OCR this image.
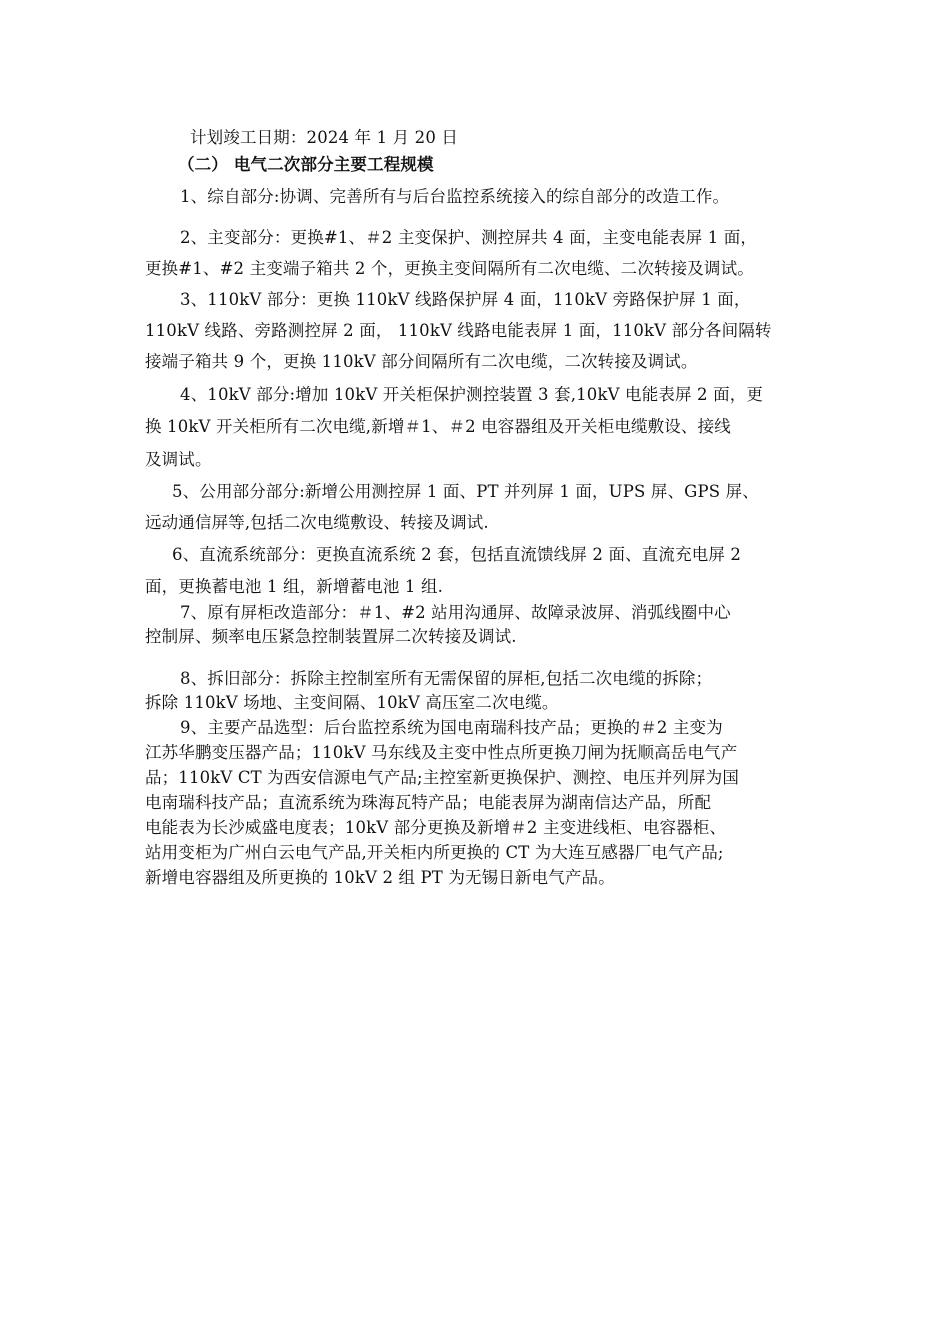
计划竣工日期：2024 年 1 月 20 日
（二） 电气二次部分主要工程规模
1、综自部分:协调、完善所有与后台监控系统接入的综自部分的改造工作。
2、主变部分：更换#1、＃2 主变保护、测控屏共 4 面，主变电能表屏 1 面，
更换#1、#2 主变端子箱共 2 个，更换主变间隔所有二次电缆、二次转接及调试。
3、110kV 部分：更换 110kV 线路保护屏 4 面，110kV 旁路保护屏 1 面，
110kV 线路、旁路测控屏 2 面， 110kV 线路电能表屏 1 面，110kV 部分各间隔转
接端子箱共 9 个，更换 110kV 部分间隔所有二次电缆，二次转接及调试。
4、10kV 部分:增加 10kV 开关柜保护测控装置 3 套,10kV 电能表屏 2 面，更
换 10kV 开关柜所有二次电缆,新增＃1、＃2 电容器组及开关柜电缆敷设、接线
及调试。
5、公用部分部分:新增公用测控屏 1 面、PT 并列屏 1 面，UPS 屏、GPS 屏、
远动通信屏等,包括二次电缆敷设、转接及调试.
6、直流系统部分：更换直流系统 2 套，包括直流馈线屏 2 面、直流充电屏 2
面，更换蓄电池 1 组，新增蓄电池 1 组.
7、原有屏柜改造部分：＃1、#2 站用沟通屏、故障录波屏、消弧线圈中心
控制屏、频率电压紧急控制装置屏二次转接及调试.
8、拆旧部分：拆除主控制室所有无需保留的屏柜,包括二次电缆的拆除；
拆除 110kV 场地、主变间隔、10kV 高压室二次电缆。
9、主要产品选型：后台监控系统为国电南瑞科技产品；更换的＃2 主变为
江苏华鹏变压器产品；110kV 马东线及主变中性点所更换刀闸为抚顺高岳电气产
品；110kV CT 为西安信源电气产品;主控室新更换保护、测控、电压并列屏为国
电南瑞科技产品；直流系统为珠海瓦特产品；电能表屏为湖南信达产品，所配
电能表为长沙威盛电度表；10kV 部分更换及新增＃2 主变进线柜、电容器柜、
站用变柜为广州白云电气产品,开关柜内所更换的 CT 为大连互感器厂电气产品;
新增电容器组及所更换的 10kV 2 组 PT 为无锡日新电气产品。
